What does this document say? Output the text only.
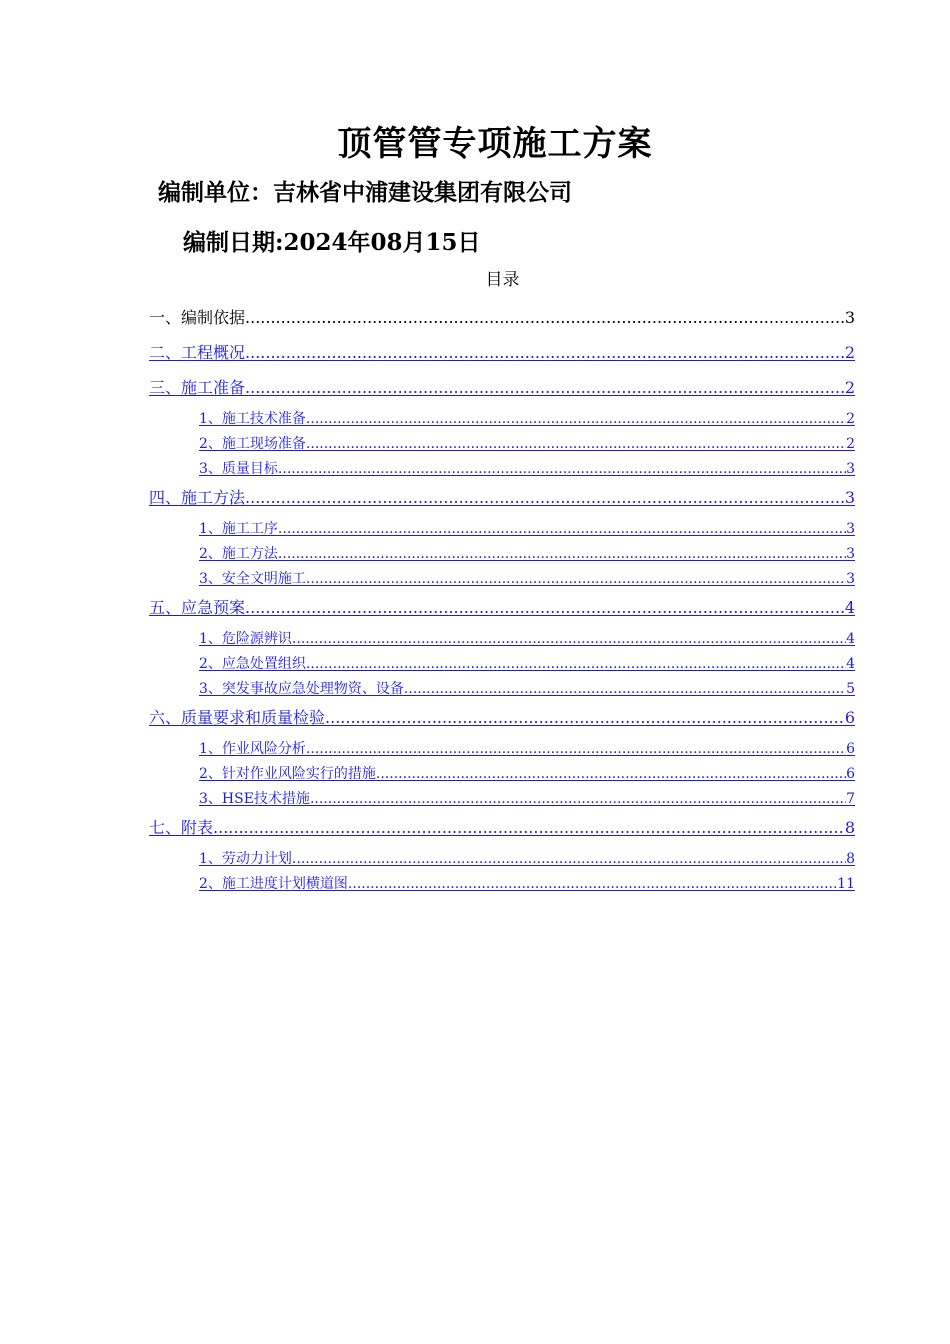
顶管管专项施工方案
编制单位：吉林省中浦建设集团有限公司
编制日期:2024年08月15日
目录
一、编制依据 .....	3
二、工程概况 .....	2
三、施工准备 .....	2
1、施工技术准备 .....	2
2、施工现场准备 .....	2
3、质量目标 .....	3
四、施工方法 .....	3
1、施工工序 .....	3
2、施工方法 .....	3
3、安全文明施工 .....	3
五、应急预案 .....	4
1、危险源辨识 .....	4
2、应急处置组织 .....	4
3、突发事故应急处理物资、设备 .....	5
六、质量要求和质量检验 .....	6
1、作业风险分析 .....	6
2、针对作业风险实行的措施 .....	6
3、HSE技术措施 .....	7
七、附表 .....	8
1、劳动力计划 .....	8
2、施工进度计划横道图 .....	11
